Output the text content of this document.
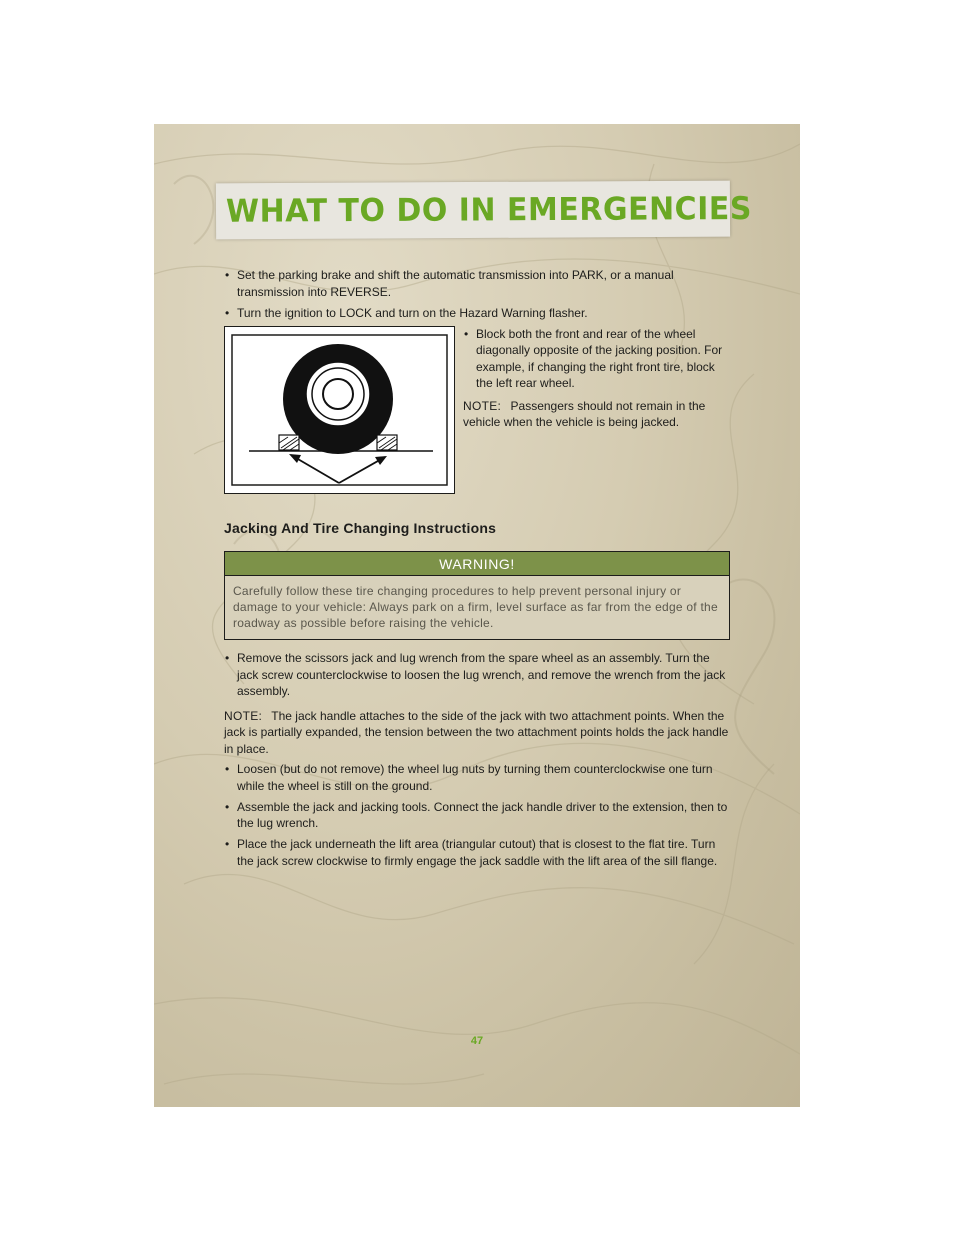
WHAT TO DO IN EMERGENCIES
• Set the parking brake and shift the automatic transmission into PARK, or a manual transmission into REVERSE.
• Turn the ignition to LOCK and turn on the Hazard Warning flasher.
• Block both the front and rear of the wheel diagonally opposite of the jacking position. For example, if changing the right front tire, block the left rear wheel.

NOTE: Passengers should not remain in the vehicle when the vehicle is being jacked.

Jacking And Tire Changing Instructions
WARNING!
Carefully follow these tire changing procedures to help prevent personal injury or damage to your vehicle: Always park on a firm, level surface as far from the edge of the roadway as possible before raising the vehicle.
• Remove the scissors jack and lug wrench from the spare wheel as an assembly. Turn the jack screw counterclockwise to loosen the lug wrench, and remove the wrench from the jack assembly.

NOTE: The jack handle attaches to the side of the jack with two attachment points. When the jack is partially expanded, the tension between the two attachment points holds the jack handle in place.

• Loosen (but do not remove) the wheel lug nuts by turning them counterclockwise one turn while the wheel is still on the ground.
• Assemble the jack and jacking tools. Connect the jack handle driver to the extension, then to the lug wrench.
• Place the jack underneath the lift area (triangular cutout) that is closest to the flat tire. Turn the jack screw clockwise to firmly engage the jack saddle with the lift area of the sill flange.
47
